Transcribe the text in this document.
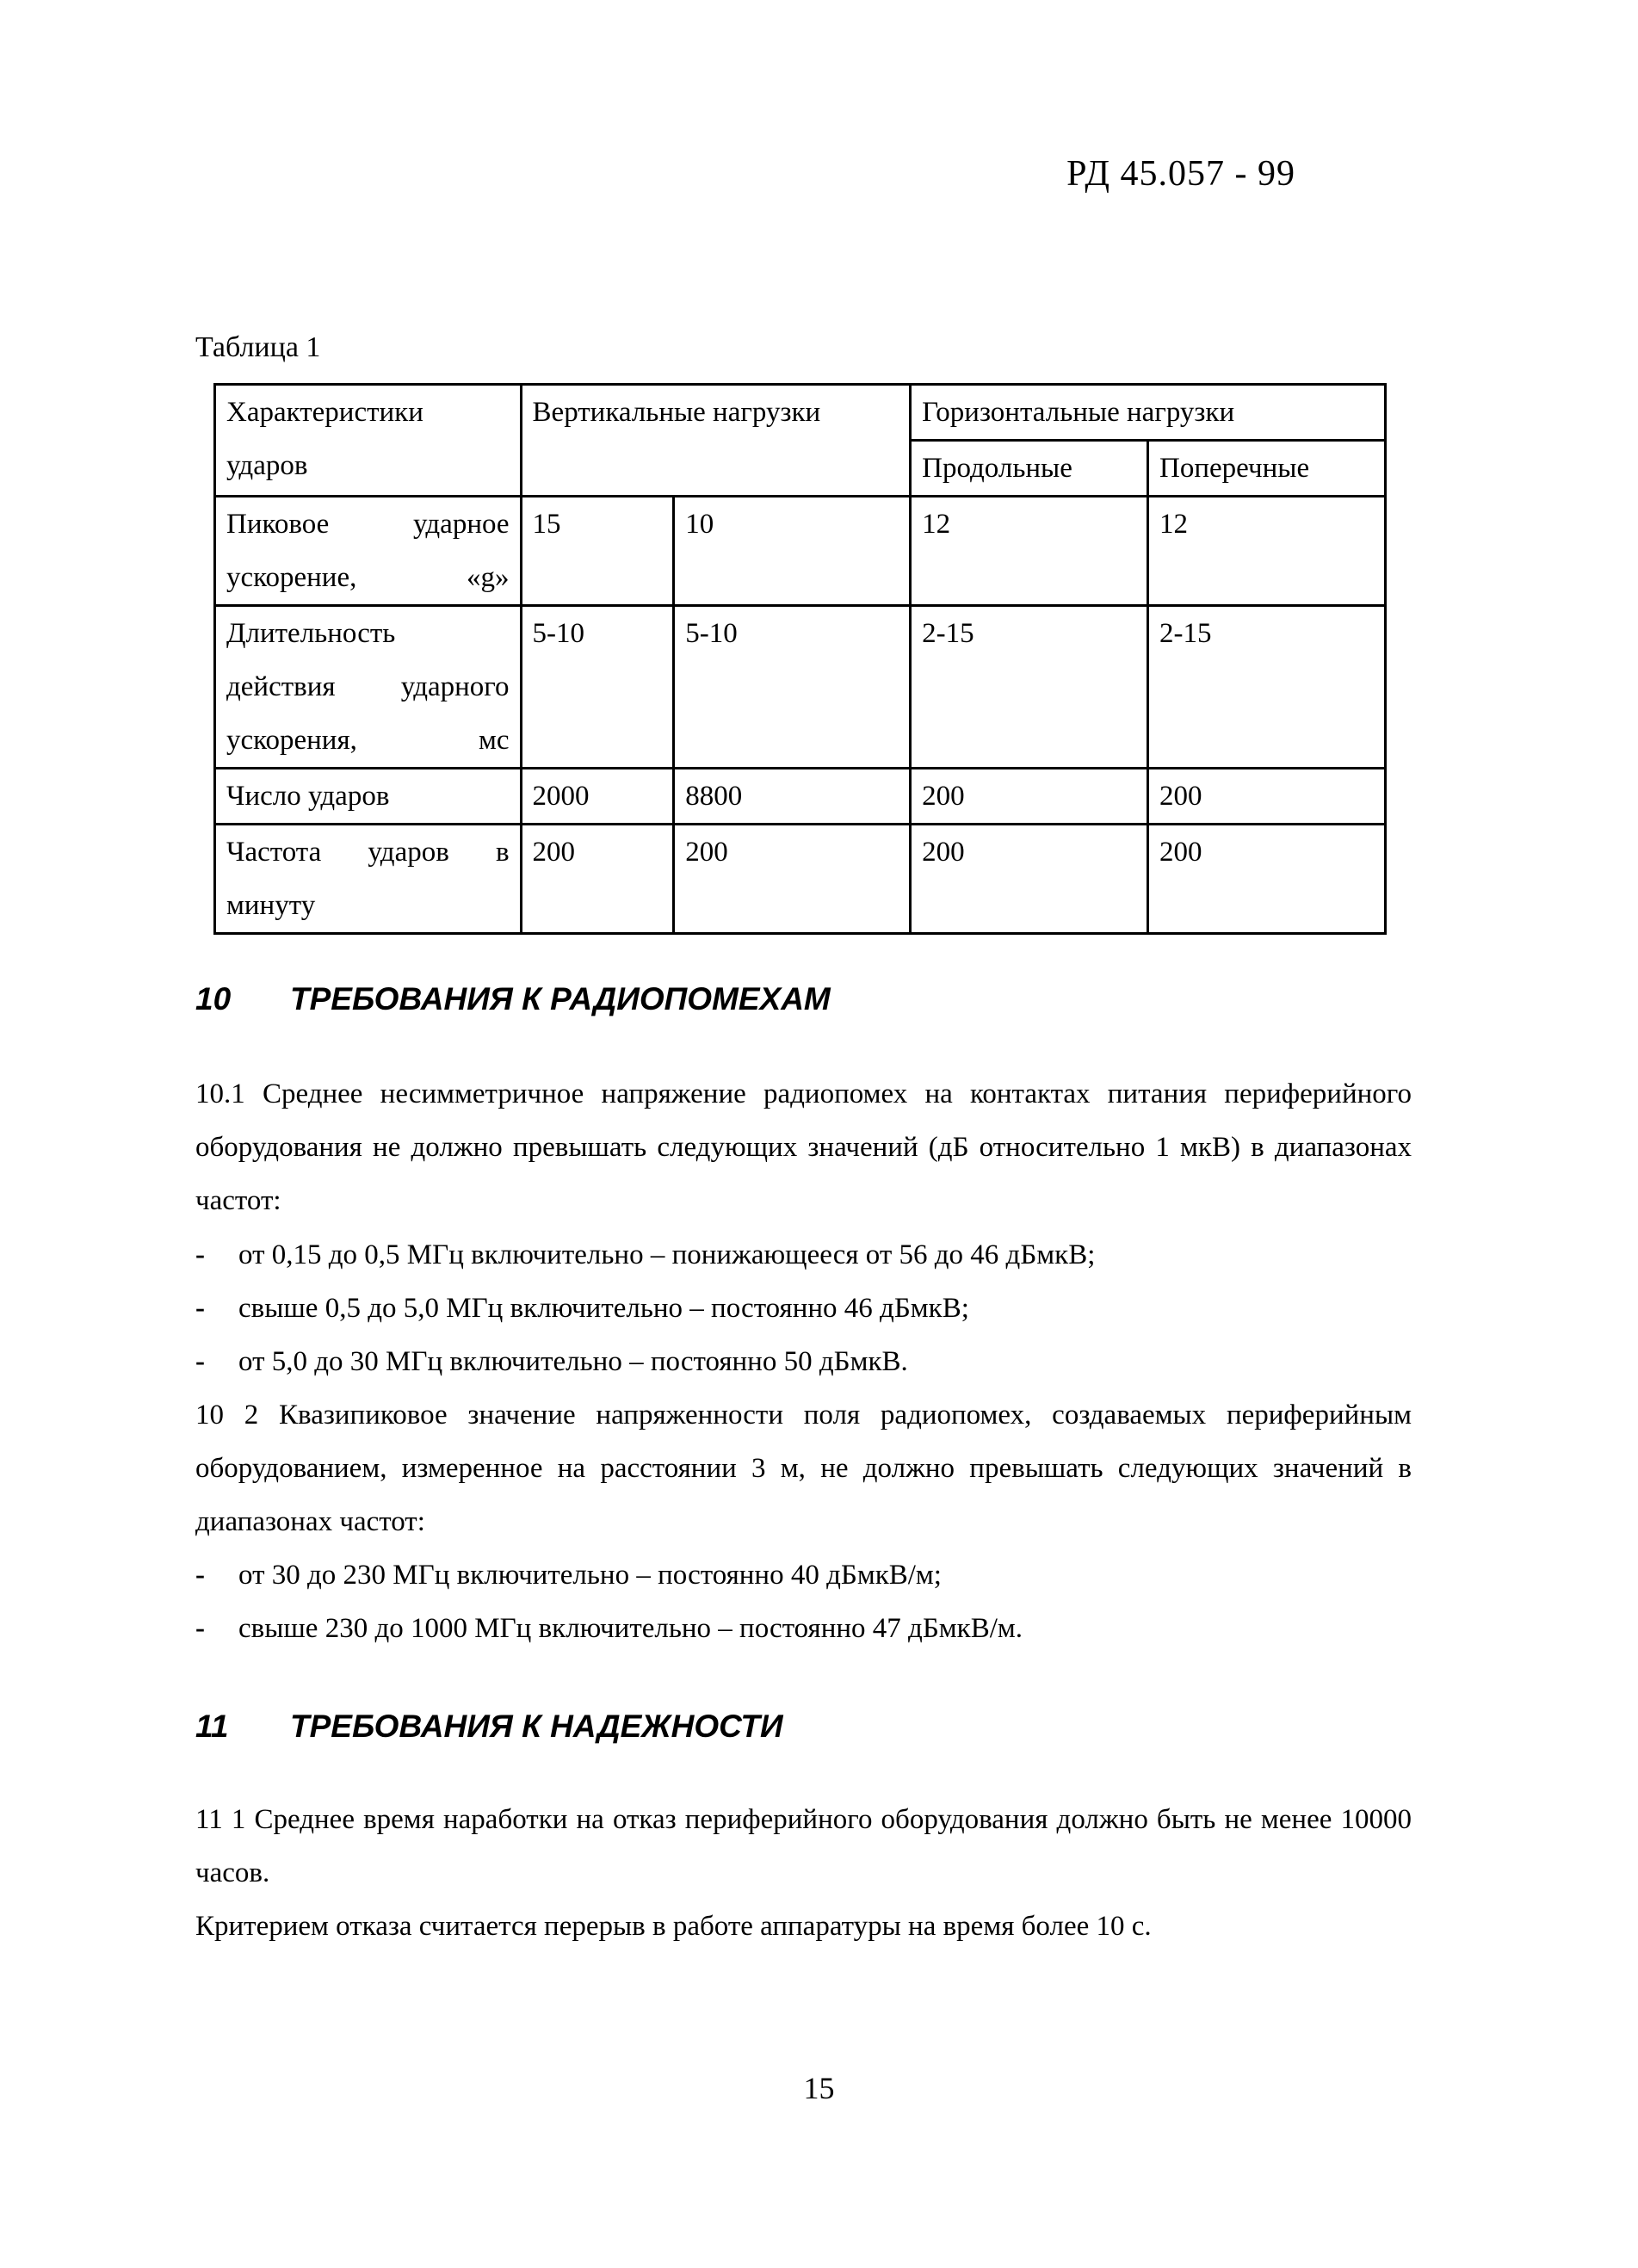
РД 45.057 - 99
Таблица 1
Характеристики
ударов	Вертикальные нагрузки		Горизонтальные нагрузки	
			Продольные	Поперечные
Пиковое ударное
ускорение, «g»	15	10	12	12

Длительность
действия ударного
ускорения, мс	5-10	5-10	2-15	2-15
Число ударов	2000	8800	200	200
Частота ударов в
минуту	200	200	200	200
10 ТРЕБОВАНИЯ К РАДИОПОМЕХАМ
10.1 Среднее несимметричное напряжение радиопомех на контактах питания периферийного оборудования не должно превышать следующих значений (дБ относительно 1 мкВ) в диапазонах частот:
- от 0,15 до 0,5 МГц включительно – понижающееся от 56 до 46 дБмкВ;
- свыше 0,5 до 5,0 МГц включительно – постоянно 46 дБмкВ;
- от 5,0 до 30 МГц включительно – постоянно 50 дБмкВ.
10 2 Квазипиковое значение напряженности поля радиопомех, создаваемых периферийным оборудованием, измеренное на расстоянии 3 м, не должно превышать следующих значений в диапазонах частот:
- от 30 до 230 МГц включительно – постоянно 40 дБмкВ/м;
- свыше 230 до 1000 МГц включительно – постоянно 47 дБмкВ/м.
11 ТРЕБОВАНИЯ К НАДЕЖНОСТИ
11 1 Среднее время наработки на отказ периферийного оборудования должно быть не менее 10000 часов.
Критерием отказа считается перерыв в работе аппаратуры на время более 10 с.
15
